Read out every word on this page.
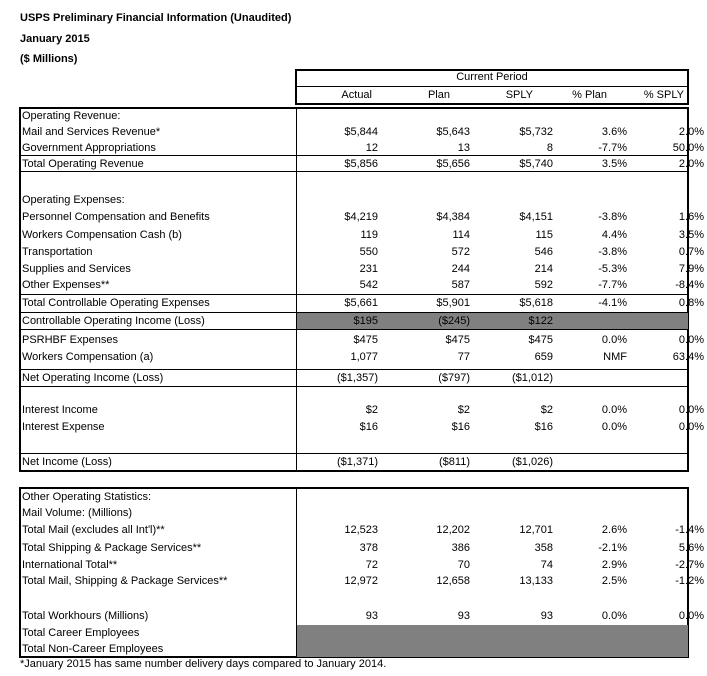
USPS Preliminary Financial Information (Unaudited)
January 2015
($ Millions)
Current Period
Actual	Plan	SPLY	% Plan	% SPLY
Operating Revenue:
Mail and Services Revenue*	$5,844	$5,643	$5,732	3.6%	2.0%
Government Appropriations	12	13	8	-7.7%	50.0%
Total Operating Revenue	$5,856	$5,656	$5,740	3.5%	2.0%
Operating Expenses:
Personnel Compensation and Benefits	$4,219	$4,384	$4,151	-3.8%	1.6%
Workers Compensation Cash (b)	119	114	115	4.4%	3.5%
Transportation	550	572	546	-3.8%	0.7%
Supplies and Services	231	244	214	-5.3%	7.9%
Other Expenses**	542	587	592	-7.7%	-8.4%
Total Controllable Operating Expenses	$5,661	$5,901	$5,618	-4.1%	0.8%
Controllable Operating Income (Loss)	$195	($245)	$122
PSRHBF Expenses	$475	$475	$475	0.0%	0.0%
Workers Compensation (a)	1,077	77	659	NMF	63.4%
Net Operating Income (Loss)	($1,357)	($797)	($1,012)
Interest Income	$2	$2	$2	0.0%	0.0%
Interest Expense	$16	$16	$16	0.0%	0.0%
Net Income (Loss)	($1,371)	($811)	($1,026)
Other Operating Statistics:
Mail Volume: (Millions)
Total Mail (excludes all Int'l)**	12,523	12,202	12,701	2.6%	-1.4%
Total Shipping & Package Services**	378	386	358	-2.1%	5.6%
International Total**	72	70	74	2.9%	-2.7%
Total Mail, Shipping & Package Services**	12,972	12,658	13,133	2.5%	-1.2%
Total Workhours (Millions)	93	93	93	0.0%	0.0%
Total Career Employees
Total Non-Career Employees
*January 2015 has same number delivery days compared to January 2014.
